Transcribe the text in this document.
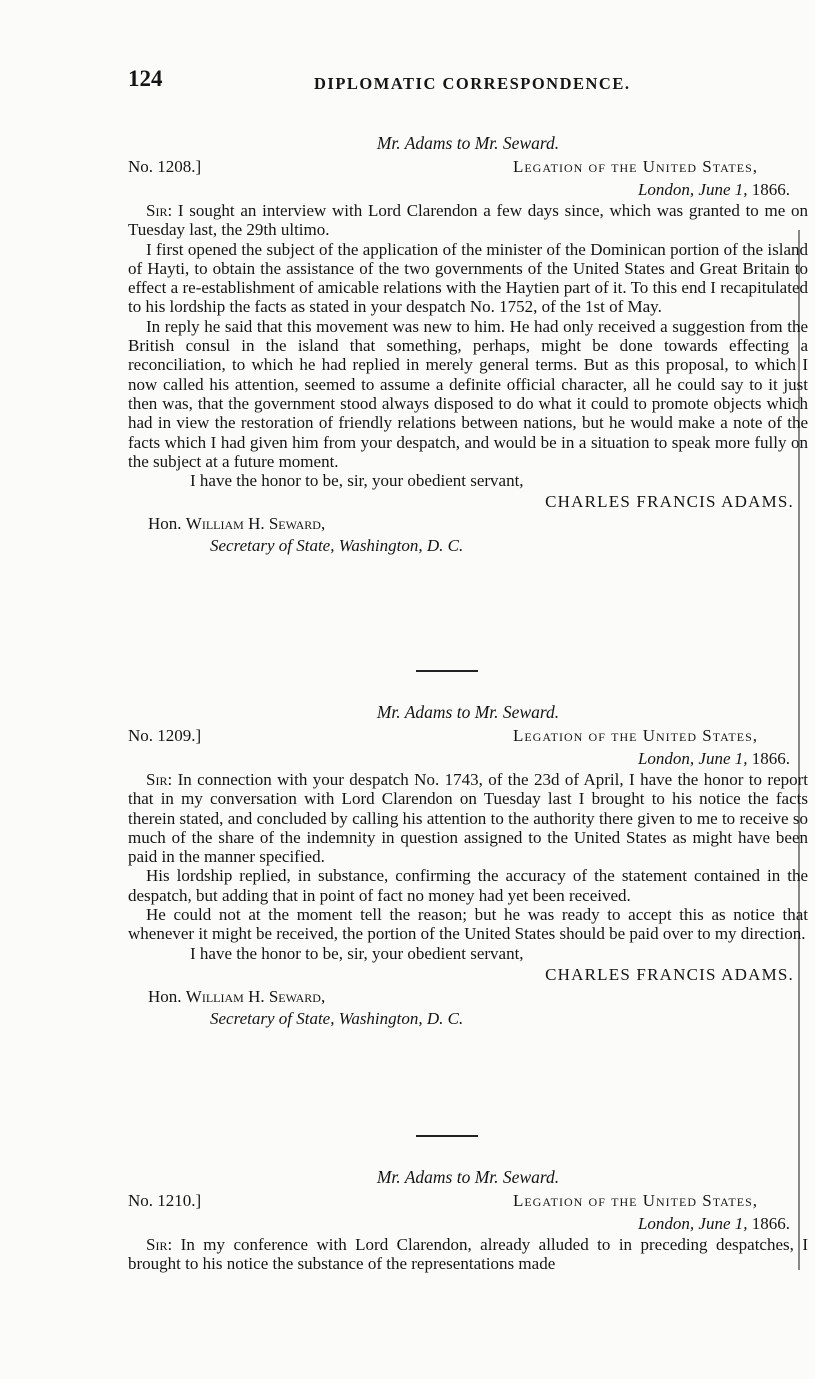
124	DIPLOMATIC CORRESPONDENCE.

Mr. Adams to Mr. Seward.

No. 1208.]	Legation of the United States,
London, June 1, 1866.

Sir: I sought an interview with Lord Clarendon a few days since, which was granted to me on Tuesday last, the 29th ultimo.

I first opened the subject of the application of the minister of the Dominican portion of the island of Hayti, to obtain the assistance of the two governments of the United States and Great Britain to effect a re-establishment of amicable relations with the Haytien part of it. To this end I recapitulated to his lordship the facts as stated in your despatch No. 1752, of the 1st of May.

In reply he said that this movement was new to him. He had only received a suggestion from the British consul in the island that something, perhaps, might be done towards effecting a reconciliation, to which he had replied in merely general terms. But as this proposal, to which I now called his attention, seemed to assume a definite official character, all he could say to it just then was, that the government stood always disposed to do what it could to promote objects which had in view the restoration of friendly relations between nations, but he would make a note of the facts which I had given him from your despatch, and would be in a situation to speak more fully on the subject at a future moment.

I have the honor to be, sir, your obedient servant,

CHARLES FRANCIS ADAMS.

Hon. William H. Seward,

Secretary of State, Washington, D. C.

Mr. Adams to Mr. Seward.

No. 1209.]	Legation of the United States,
London, June 1, 1866.

Sir: In connection with your despatch No. 1743, of the 23d of April, I have the honor to report that in my conversation with Lord Clarendon on Tuesday last I brought to his notice the facts therein stated, and concluded by calling his attention to the authority there given to me to receive so much of the share of the indemnity in question assigned to the United States as might have been paid in the manner specified.

His lordship replied, in substance, confirming the accuracy of the statement contained in the despatch, but adding that in point of fact no money had yet been received.

He could not at the moment tell the reason; but he was ready to accept this as notice that whenever it might be received, the portion of the United States should be paid over to my direction.

I have the honor to be, sir, your obedient servant,

CHARLES FRANCIS ADAMS.

Hon. William H. Seward,

Secretary of State, Washington, D. C.

Mr. Adams to Mr. Seward.

No. 1210.]	Legation of the United States,
London, June 1, 1866.

Sir: In my conference with Lord Clarendon, already alluded to in preceding despatches, I brought to his notice the substance of the representations made
